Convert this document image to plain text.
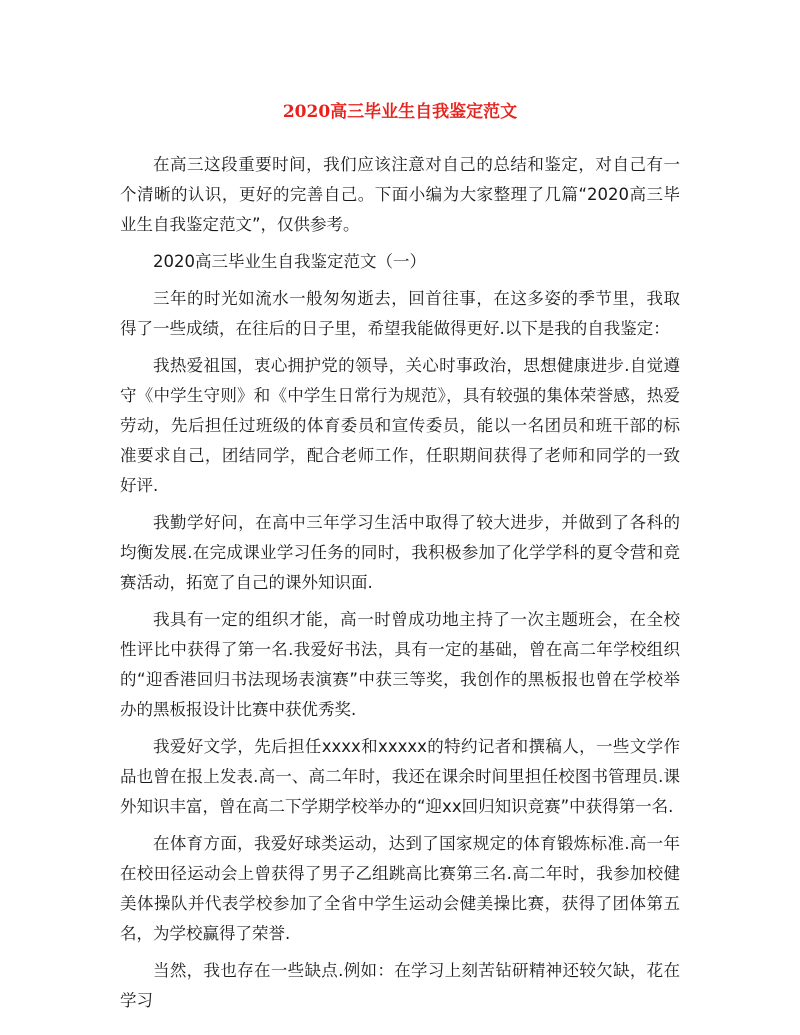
2020高三毕业生自我鉴定范文

在高三这段重要时间，我们应该注意对自己的总结和鉴定，对自己有一个清晰的认识，更好的完善自己。下面小编为大家整理了几篇“2020高三毕业生自我鉴定范文”，仅供参考。

2020高三毕业生自我鉴定范文（一）

三年的时光如流水一般匆匆逝去，回首往事，在这多姿的季节里，我取得了一些成绩，在往后的日子里，希望我能做得更好.以下是我的自我鉴定：

我热爱祖国，衷心拥护党的领导，关心时事政治，思想健康进步.自觉遵守《中学生守则》和《中学生日常行为规范》，具有较强的集体荣誉感，热爱劳动，先后担任过班级的体育委员和宣传委员，能以一名团员和班干部的标准要求自己，团结同学，配合老师工作，任职期间获得了老师和同学的一致好评.

我勤学好问，在高中三年学习生活中取得了较大进步，并做到了各科的均衡发展.在完成课业学习任务的同时，我积极参加了化学学科的夏令营和竞赛活动，拓宽了自己的课外知识面.

我具有一定的组织才能，高一时曾成功地主持了一次主题班会，在全校性评比中获得了第一名.我爱好书法，具有一定的基础，曾在高二年学校组织的“迎香港回归书法现场表演赛”中获三等奖，我创作的黑板报也曾在学校举办的黑板报设计比赛中获优秀奖.

我爱好文学，先后担任xxxx和xxxxx的特约记者和撰稿人，一些文学作品也曾在报上发表.高一、高二年时，我还在课余时间里担任校图书管理员.课外知识丰富，曾在高二下学期学校举办的“迎xx回归知识竞赛”中获得第一名.

在体育方面，我爱好球类运动，达到了国家规定的体育锻炼标准.高一年在校田径运动会上曾获得了男子乙组跳高比赛第三名.高二年时，我参加校健美体操队并代表学校参加了全省中学生运动会健美操比赛，获得了团体第五名，为学校赢得了荣誉.

当然，我也存在一些缺点.例如：在学习上刻苦钻研精神还较欠缺，花在学习
